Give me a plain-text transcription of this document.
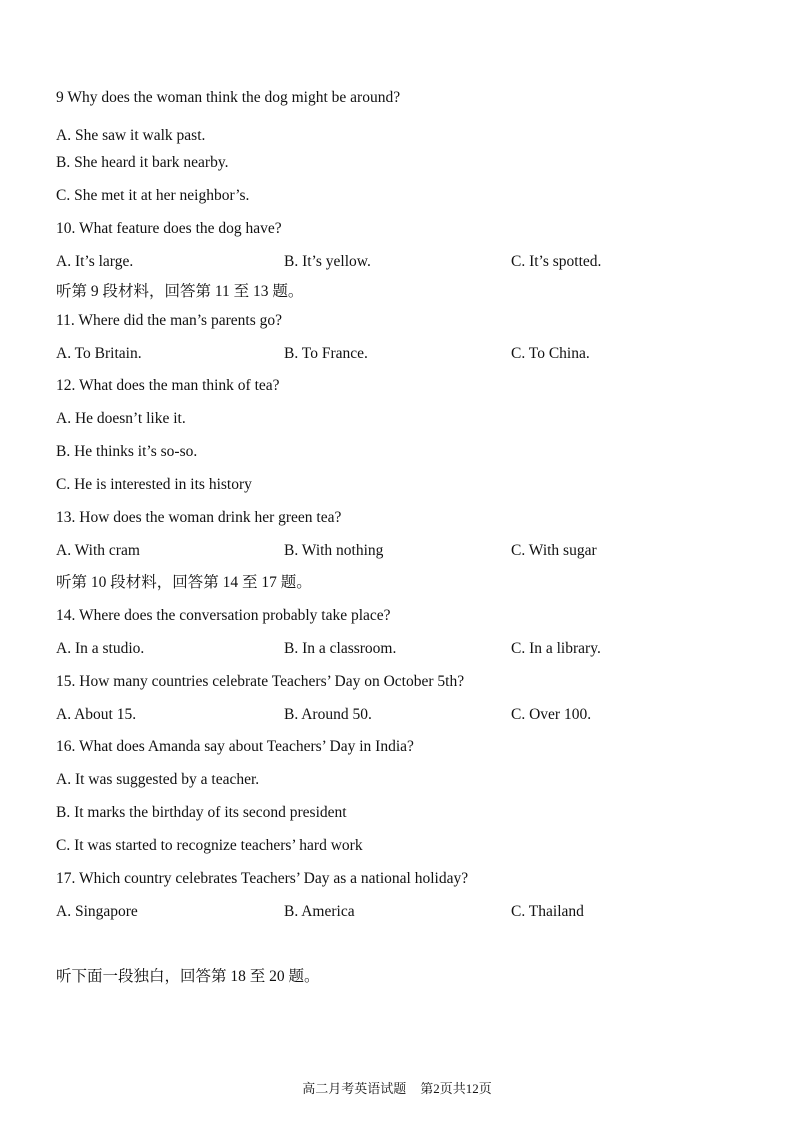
9 Why does the woman think the dog might be around?
A. She saw it walk past.
B. She heard it bark nearby.
C. She met it at her neighbor’s.
10. What feature does the dog have?
A. It’s large.	B. It’s yellow.	C. It’s spotted.
听第 9 段材料，回答第 11 至 13 题。
11. Where did the man’s parents go?
A. To Britain.	B. To France.	C. To China.
12. What does the man think of tea?
A. He doesn’t like it.
B. He thinks it’s so-so.
C. He is interested in its history
13. How does the woman drink her green tea?
A. With cram	B. With nothing	C. With sugar
听第 10 段材料，回答第 14 至 17 题。
14. Where does the conversation probably take place?
A. In a studio.	B. In a classroom.	C. In a library.
15. How many countries celebrate Teachers’ Day on October 5th?
A. About 15.	B. Around 50.	C. Over 100.
16. What does Amanda say about Teachers’ Day in India?
A. It was suggested by a teacher.
B. It marks the birthday of its second president
C. It was started to recognize teachers’ hard work
17. Which country celebrates Teachers’ Day as a national holiday?
A. Singapore	B. America	C. Thailand
听下面一段独白，回答第 18 至 20 题。
高二月考英语试题 第2页共12页
